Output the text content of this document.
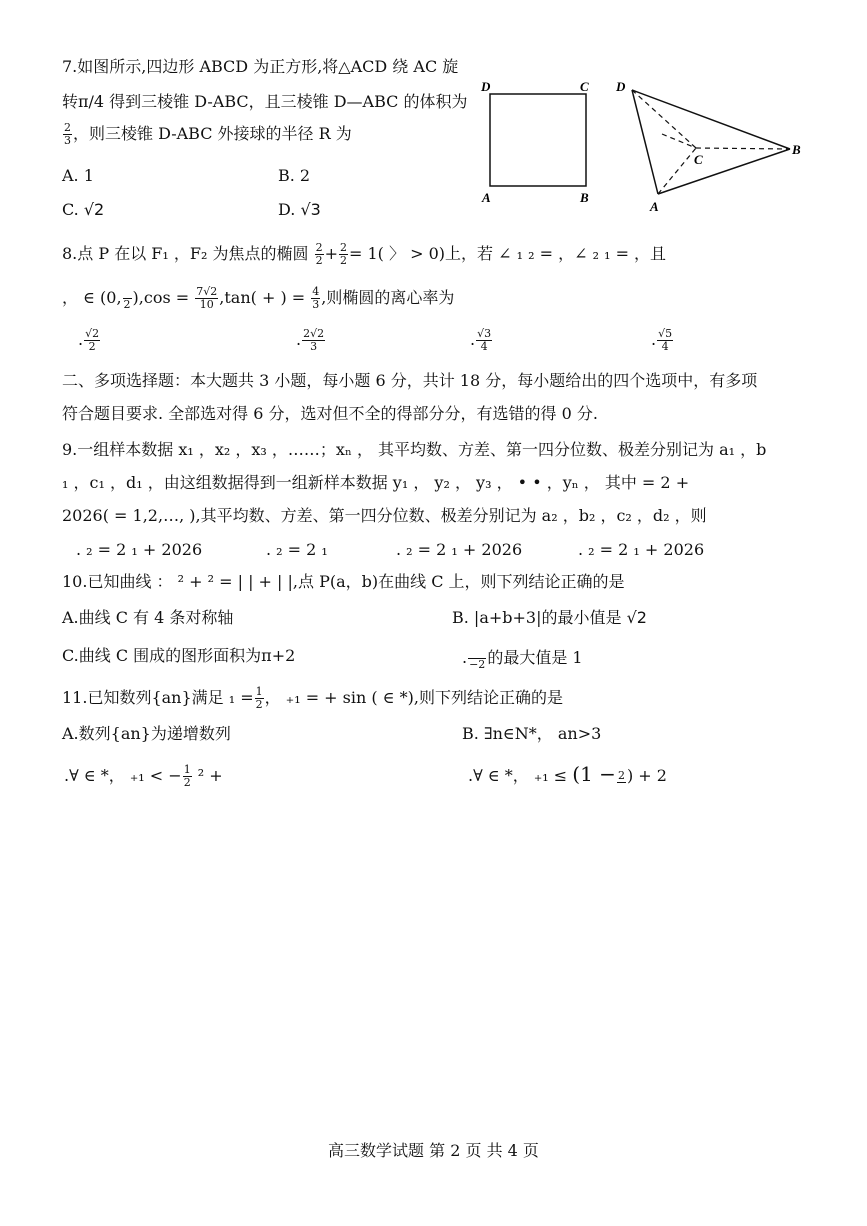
7.如图所示,四边形 ABCD 为正方形,将△ACD 绕 AC 旋
转π/4 得到三棱锥 D-ABC，且三棱锥 D—ABC 的体积为
$\frac{2}{3}$ ，则三棱锥 D-ABC 外接球的半径 R 为
A. 1	B. 2
C. √2	D. √3
D	C
A	B
D
C
B
A
8.点 P 在以 F₁ ，F₂ 为焦点的椭圆 $\frac{2}{2} + \frac{2}{2} = 1$( 〉 > 0)上，若 ∠ ₁ ₂ = ，∠ ₂ ₁ = ，且
， ∈ (0, 2 )$,\cos = \frac{7√2}{10} ,\tan$( + ) = $\frac{4}{3}$ ,则椭圆的离心率为
. $\frac{√2}{2}$	. $\frac{2√2}{3}$	. $\frac{√3}{4}$	. $\frac{√5}{4}$
二、多项选择题：本大题共 3 小题，每小题 6 分，共计 18 分，每小题给出的四个选项中，有多项
符合题目要求. 全部选对得 6 分，选对但不全的得部分分，有选错的得 0 分.
9.一组样本数据 x₁ ，x₂ ，x₃ ，……；xₙ ， 其平均数、方差、第一四分位数、极差分别记为 a₁ ，b
₁ ，c₁ ，d₁ ，由这组数据得到一组新样本数据 y₁ ， y₂ ， y₃ ， • • ，yₙ ， 其中 = 2 +
2026( = 1,2,…, ),其平均数、方差、第一四分位数、极差分别记为 a₂ ，b₂ ，c₂ ，d₂ ，则
. ₂ = 2 ₁ + 2026	. ₂ = 2 ₁	. ₂ = 2 ₁ + 2026	. ₂ = 2 ₁ + 2026
10.已知曲线 ： ² + ² = | | + | |,点 P(a，b)在曲线 C 上，则下列结论正确的是
A.曲线 C 有 4 条对称轴	B. |a+b+3|的最小值是 √2
C.曲线 C 围成的图形面积为π+2	. −2 的最大值是 1
11.已知数列{an}满足 $_1 = \frac{1}{2}$ ， ₊₁ = + sin ( ∈ *),则下列结论正确的是
A.数列{an}为递增数列	B. ∃n∈N*， an>3
.∀ ∈ *， ₊₁ < − $\frac{1}{2} ^2$ +	.∀ ∈ *， ₊₁ ≤ (1 − 2 ) + 2
高三数学试题 第 2 页 共 4 页
